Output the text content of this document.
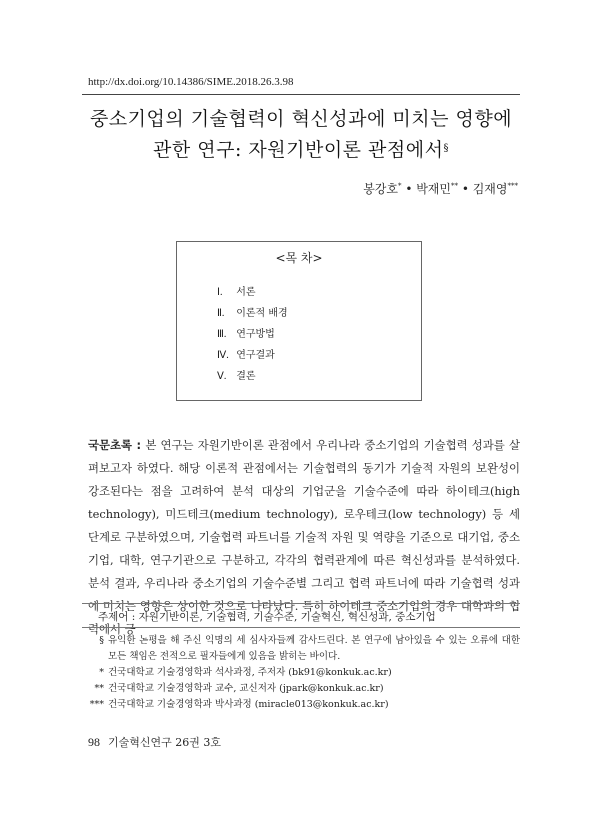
http://dx.doi.org/10.14386/SIME.2018.26.3.98
중소기업의 기술협력이 혁신성과에 미치는 영향에
관한 연구: 자원기반이론 관점에서§
봉강호* • 박재민** • 김재영***
<목 차>
Ⅰ. 서론
Ⅱ. 이론적 배경
Ⅲ. 연구방법
Ⅳ. 연구결과
Ⅴ. 결론
국문초록 : 본 연구는 자원기반이론 관점에서 우리나라 중소기업의 기술협력 성과를 살펴보고자 하였다. 해당 이론적 관점에서는 기술협력의 동기가 기술적 자원의 보완성이 강조된다는 점을 고려하여 분석 대상의 기업군을 기술수준에 따라 하이테크(high technology), 미드테크(medium technology), 로우테크(low technology) 등 세 단계로 구분하였으며, 기술협력 파트너를 기술적 자원 및 역량을 기준으로 대기업, 중소기업, 대학, 연구기관으로 구분하고, 각각의 협력관계에 따른 혁신성과를 분석하였다. 분석 결과, 우리나라 중소기업의 기술수준별 그리고 협력 파트너에 따라 기술협력 성과에 미치는 영향은 상이한 것으로 나타났다. 특히 하이테크 중소기업의 경우 대학과의 협력에서 긍
주제어 : 자원기반이론, 기술협력, 기술수준, 기술혁신, 혁신성과, 중소기업
§ 유익한 논평을 해 주신 익명의 세 심사자들께 감사드린다. 본 연구에 남아있을 수 있는 오류에 대한 모든 책임은 전적으로 필자들에게 있음을 밝히는 바이다.
* 건국대학교 기술경영학과 석사과정, 주저자 (bk91@konkuk.ac.kr)
** 건국대학교 기술경영학과 교수, 교신저자 (jpark@konkuk.ac.kr)
*** 건국대학교 기술경영학과 박사과정 (miracle013@konkuk.ac.kr)
98 기술혁신연구 26권 3호
